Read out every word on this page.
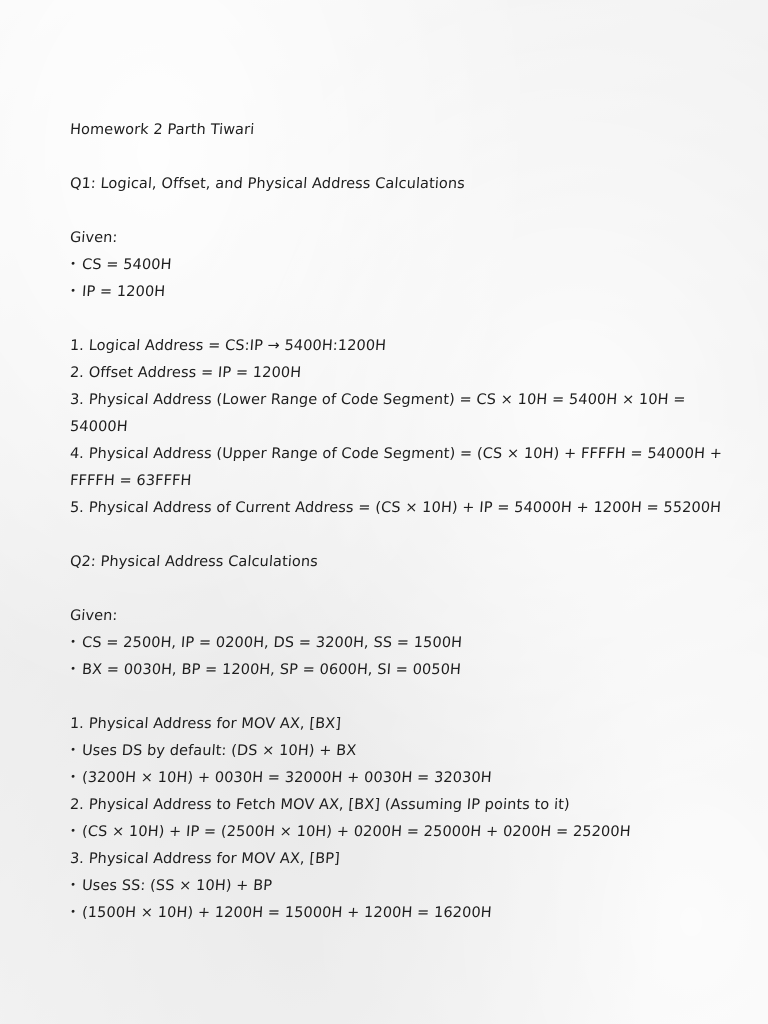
Homework 2 Parth Tiwari
Q1: Logical, Offset, and Physical Address Calculations
Given:
• CS = 5400H
• IP = 1200H
1. Logical Address = CS:IP → 5400H:1200H
2. Offset Address = IP = 1200H
3. Physical Address (Lower Range of Code Segment) = CS × 10H = 5400H × 10H =
54000H
4. Physical Address (Upper Range of Code Segment) = (CS × 10H) + FFFFH = 54000H +
FFFFH = 63FFFH
5. Physical Address of Current Address = (CS × 10H) + IP = 54000H + 1200H = 55200H
Q2: Physical Address Calculations
Given:
• CS = 2500H, IP = 0200H, DS = 3200H, SS = 1500H
• BX = 0030H, BP = 1200H, SP = 0600H, SI = 0050H
1. Physical Address for MOV AX, [BX]
• Uses DS by default: (DS × 10H) + BX
• (3200H × 10H) + 0030H = 32000H + 0030H = 32030H
2. Physical Address to Fetch MOV AX, [BX] (Assuming IP points to it)
• (CS × 10H) + IP = (2500H × 10H) + 0200H = 25000H + 0200H = 25200H
3. Physical Address for MOV AX, [BP]
• Uses SS: (SS × 10H) + BP
• (1500H × 10H) + 1200H = 15000H + 1200H = 16200H
